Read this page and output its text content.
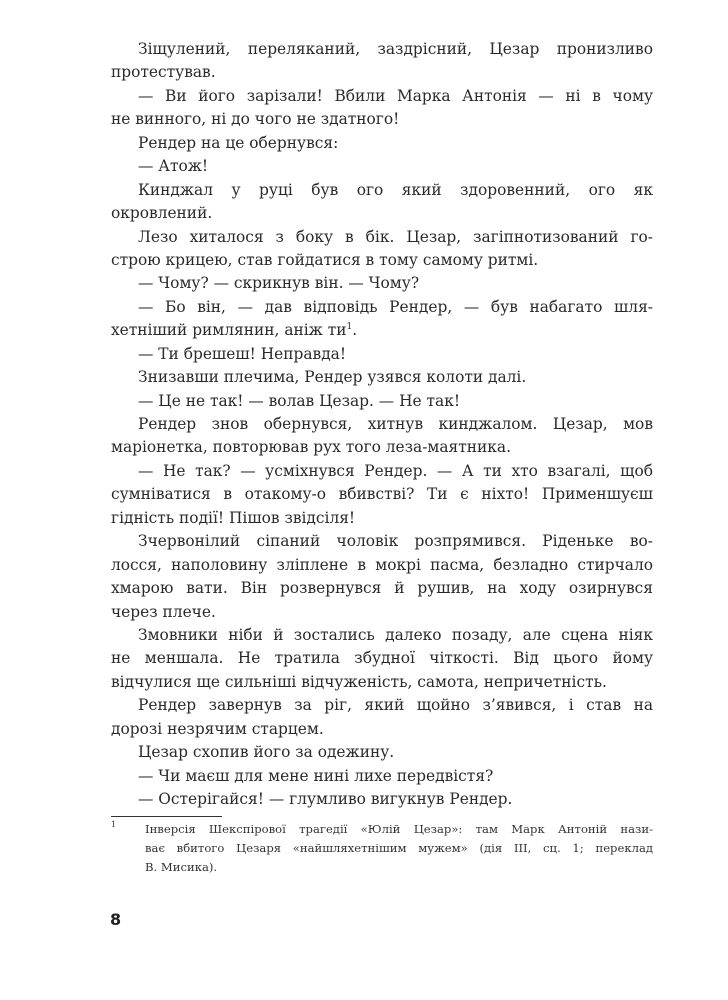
Зіщулений, переляканий, заздрісний, Цезар пронизливо
протестував.
— Ви його зарізали! Вбили Марка Антонія — ні в чому
не винного, ні до чого не здатного!
Рендер на це обернувся:
— Атож!
Кинджал у руці був ого який здоровенний, ого як
окровлений.
Лезо хиталося з боку в бік. Цезар, загіпнотизований го-
строю крицею, став гойдатися в тому самому ритмі.
— Чому? — скрикнув він. — Чому?
— Бо він, — дав відповідь Рендер, — був набагато шля-
хетніший римлянин, аніж $ти^1$.
— Ти брешеш! Неправда!
Знизавши плечима, Рендер узявся колоти далі.
— Це не так! — волав Цезар. — Не так!
Рендер знов обернувся, хитнув кинджалом. Цезар, мов
маріонетка, повторював рух того леза-маятника.
— Не так? — усміхнувся Рендер. — А ти хто взагалі, щоб
сумніватися в отакому-о вбивстві? Ти є ніхто! Применшуєш
гідність події! Пішов звідсіля!
Зчервонілий сіпаний чоловік розпрямився. Ріденьке во-
лосся, наполовину зліплене в мокрі пасма, безладно стирчало
хмарою вати. Він розвернувся й рушив, на ходу озирнувся
через плече.
Змовники ніби й зостались далеко позаду, але сцена ніяк
не меншала. Не тратила збудної чіткості. Від цього йому
відчулися ще сильніші відчуженість, самота, непричетність.
Рендер завернув за ріг, який щойно з’явився, і став на
дорозі незрячим старцем.
Цезар схопив його за одежину.
— Чи маєш для мене нині лихе передвістя?
— Остерігайся! — глумливо вигукнув Рендер.
1 Інверсія Шекспірової трагедії «Юлій Цезар»: там Марк Антоній нази-
ває вбитого Цезаря «найшляхетнішим мужем» (дія III, сц. 1; переклад
В. Мисика).
8
